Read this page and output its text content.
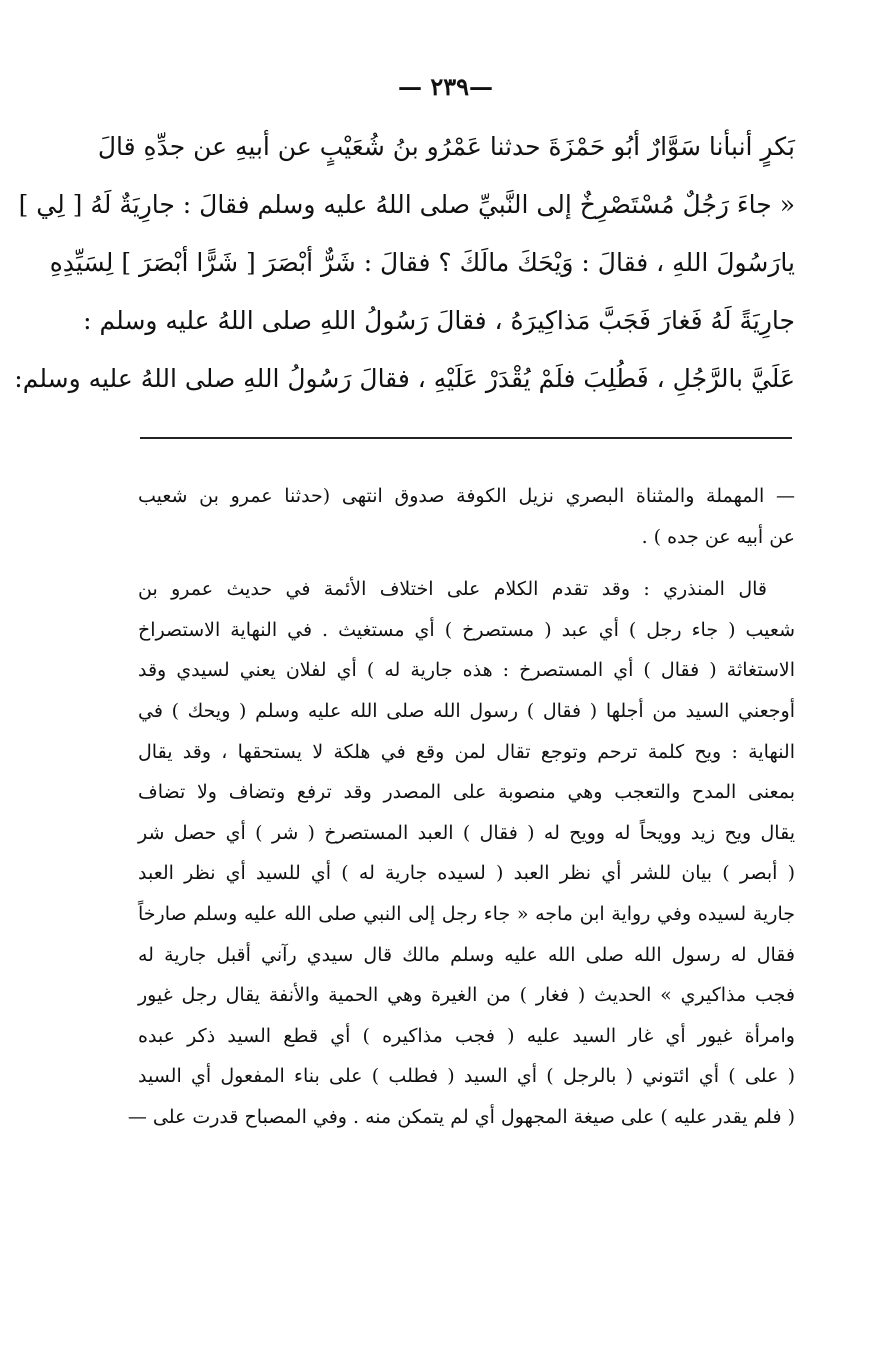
— ٢٣٩—
بَكرٍ أنبأنا سَوَّارٌ أبُو حَمْزَةَ حدثنا عَمْرُو بنُ شُعَيْبٍ عن أبيهِ عن جدِّهِ قالَ
« جاءَ رَجُلٌ مُسْتَصْرِخٌ إلى النَّبيِّ صلى اللهُ عليه وسلم فقالَ : جارِيَةٌ لَهُ [ لِي ]
يارَسُولَ اللهِ ، فقالَ : وَيْحَكَ مالَكَ ؟ فقالَ : شَرٌّ أبْصَرَ [ شَرًّا أبْصَرَ ] لِسَيِّدِهِ
جارِيَةً لَهُ فَغارَ فَجَبَّ مَذاكِيرَهُ ، فقالَ رَسُولُ اللهِ صلى اللهُ عليه وسلم :
عَلَيَّ بالرَّجُلِ ، فَطُلِبَ فلَمْ يُقْدَرْ عَلَيْهِ ، فقالَ رَسُولُ اللهِ صلى اللهُ عليه وسلم:
— المهملة والمثناة البصري نزيل الكوفة صدوق انتهى (حدثنا عمرو بن شعيب
عن أبيه عن جده ) .
قال المنذري : وقد تقدم الكلام على اختلاف الأئمة في حديث عمرو بن
شعيب ( جاء رجل ) أي عبد ( مستصرخ ) أي مستغيث . في النهاية الاستصراخ
الاستغاثة ( فقال ) أي المستصرخ : هذه جارية له ) أي لفلان يعني لسيدي وقد
أوجعني السيد من أجلها ( فقال ) رسول الله صلى الله عليه وسلم ( ويحك ) في
النهاية : ويح كلمة ترحم وتوجع تقال لمن وقع في هلكة لا يستحقها ، وقد يقال
بمعنى المدح والتعجب وهي منصوبة على المصدر وقد ترفع وتضاف ولا تضاف
يقال ويح زيد وويحاً له وويح له ( فقال ) العبد المستصرخ ( شر ) أي حصل شر
( أبصر ) بيان للشر أي نظر العبد ( لسيده جارية له ) أي للسيد أي نظر العبد
جارية لسيده وفي رواية ابن ماجه « جاء رجل إلى النبي صلى الله عليه وسلم صارخاً
فقال له رسول الله صلى الله عليه وسلم مالك قال سيدي رآني أقبل جارية له
فجب مذاكيري » الحديث ( فغار ) من الغيرة وهي الحمية والأنفة يقال رجل غيور
وامرأة غيور أي غار السيد عليه ( فجب مذاكيره ) أي قطع السيد ذكر عبده
( على ) أي ائتوني ( بالرجل ) أي السيد ( فطلب ) على بناء المفعول أي السيد
( فلم يقدر عليه ) على صيغة المجهول أي لم يتمكن منه . وفي المصباح قدرت على —
